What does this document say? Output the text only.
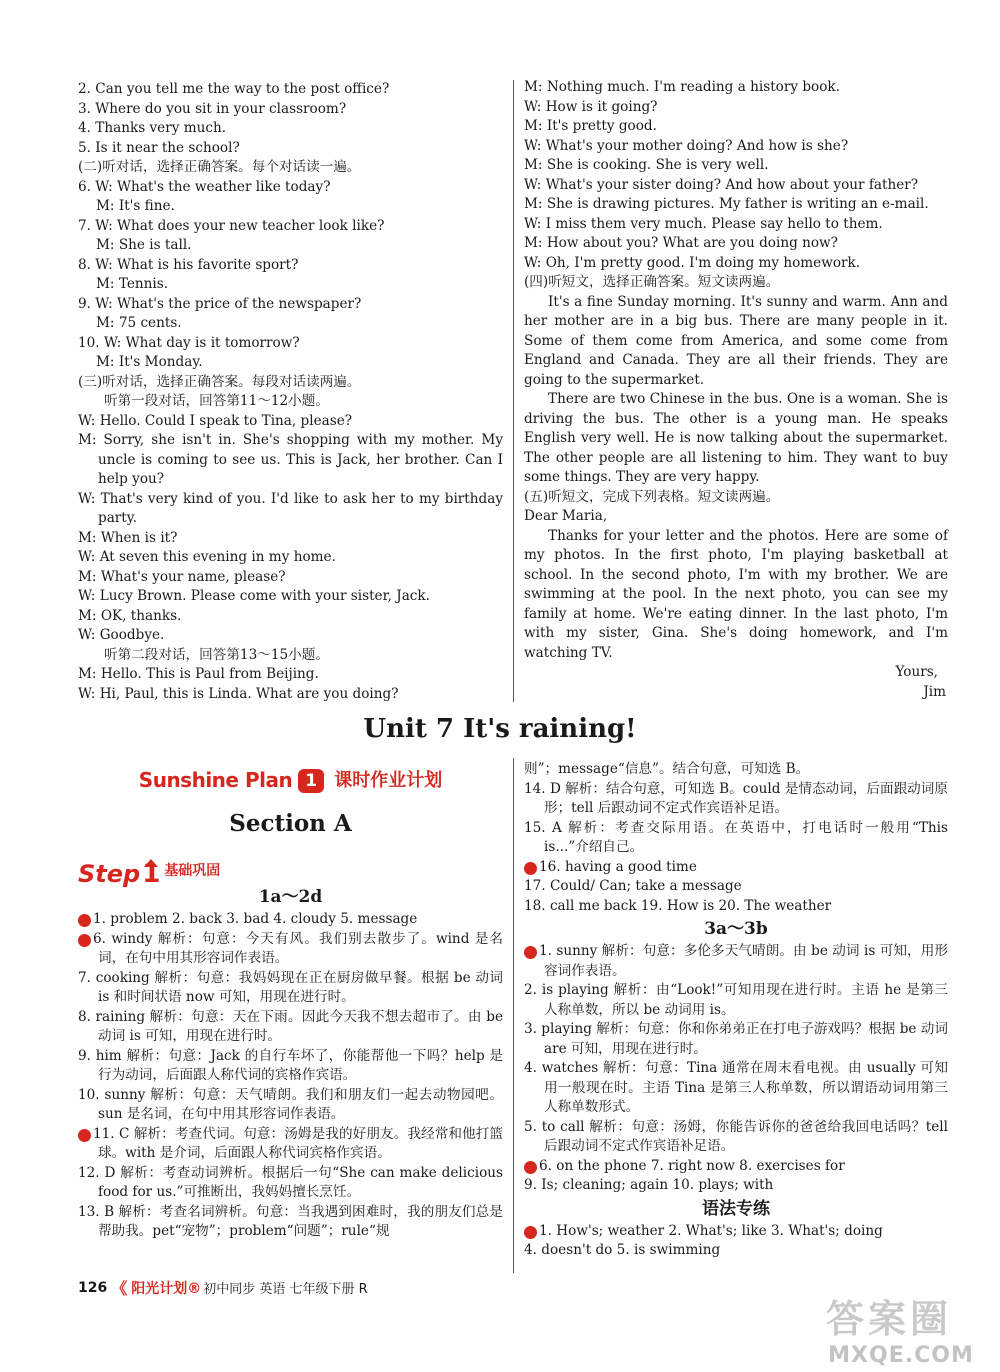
2. Can you tell me the way to the post office?
3. Where do you sit in your classroom?
4. Thanks very much.
5. Is it near the school?
(二)听对话，选择正确答案。每个对话读一遍。
6. W: What's the weather like today?
M: It's fine.
7. W: What does your new teacher look like?
M: She is tall.
8. W: What is his favorite sport?
M: Tennis.
9. W: What's the price of the newspaper?
M: 75 cents.
10. W: What day is it tomorrow?
M: It's Monday.
(三)听对话，选择正确答案。每段对话读两遍。
听第一段对话，回答第11～12小题。
W: Hello. Could I speak to Tina, please?
M: Sorry, she isn't in. She's shopping with my mother. My uncle is coming to see us. This is Jack, her brother. Can I help you?
W: That's very kind of you. I'd like to ask her to my birthday party.
M: When is it?
W: At seven this evening in my home.
M: What's your name, please?
W: Lucy Brown. Please come with your sister, Jack.
M: OK, thanks.
W: Goodbye.
听第二段对话，回答第13～15小题。
M: Hello. This is Paul from Beijing.
W: Hi, Paul, this is Linda. What are you doing?
M: Nothing much. I'm reading a history book.
W: How is it going?
M: It's pretty good.
W: What's your mother doing? And how is she?
M: She is cooking. She is very well.
W: What's your sister doing? And how about your father?
M: She is drawing pictures. My father is writing an e-mail.
W: I miss them very much. Please say hello to them.
M: How about you? What are you doing now?
W: Oh, I'm pretty good. I'm doing my homework.
(四)听短文，选择正确答案。短文读两遍。
It's a fine Sunday morning. It's sunny and warm. Ann and her mother are in a big bus. There are many people in it. Some of them come from America, and some come from England and Canada. They are all their friends. They are going to the supermarket.
There are two Chinese in the bus. One is a woman. She is driving the bus. The other is a young man. He speaks English very well. He is now talking about the supermarket. The other people are all listening to him. They want to buy some things. They are very happy.
(五)听短文，完成下列表格。短文读两遍。
Dear Maria,
Thanks for your letter and the photos. Here are some of my photos. In the first photo, I'm playing basketball at school. In the second photo, I'm with my brother. We are swimming at the pool. In the next photo, you can see my family at home. We're eating dinner. In the last photo, I'm with my sister, Gina. She's doing homework, and I'm watching TV.
Yours,
Jim
Unit 7 It's raining!
Sunshine Plan 1 课时作业计划
Section A
Step 1 基础巩固
1a～2d
Ⅰ 1. problem 2. back 3. bad 4. cloudy 5. message
Ⅱ 6. windy 解析：句意：今天有风。我们别去散步了。wind 是名词，在句中用其形容词作表语。
7. cooking 解析：句意：我妈妈现在正在厨房做早餐。根据 be 动词 is 和时间状语 now 可知，用现在进行时。
8. raining 解析：句意：天在下雨。因此今天我不想去超市了。由 be 动词 is 可知，用现在进行时。
9. him 解析：句意：Jack 的自行车坏了，你能帮他一下吗？help 是行为动词，后面跟人称代词的宾格作宾语。
10. sunny 解析：句意：天气晴朗。我们和朋友们一起去动物园吧。sun 是名词，在句中用其形容词作表语。
Ⅲ 11. C 解析：考查代词。句意：汤姆是我的好朋友。我经常和他打篮球。with 是介词，后面跟人称代词宾格作宾语。
12. D 解析：考查动词辨析。根据后一句“She can make delicious food for us.”可推断出，我妈妈擅长烹饪。
13. B 解析：考查名词辨析。句意：当我遇到困难时，我的朋友们总是帮助我。pet“宠物”；problem“问题”；rule“规
则”；message“信息”。结合句意，可知选 B。
14. D 解析：结合句意，可知选 B。could 是情态动词，后面跟动词原形；tell 后跟动词不定式作宾语补足语。
15. A 解析：考查交际用语。在英语中，打电话时一般用“This is...”介绍自己。
Ⅳ 16. having a good time
17. Could/ Can; take a message
18. call me back 19. How is 20. The weather
3a～3b
Ⅰ 1. sunny 解析：句意：多伦多天气晴朗。由 be 动词 is 可知，用形容词作表语。
2. is playing 解析：由“Look!”可知用现在进行时。主语 he 是第三人称单数，所以 be 动词用 is。
3. playing 解析：句意：你和你弟弟正在打电子游戏吗？根据 be 动词 are 可知，用现在进行时。
4. watches 解析：句意：Tina 通常在周末看电视。由 usually 可知用一般现在时。主语 Tina 是第三人称单数，所以谓语动词用第三人称单数形式。
5. to call 解析：句意：汤姆，你能告诉你的爸爸给我回电话吗？tell 后跟动词不定式作宾语补足语。
Ⅱ 6. on the phone 7. right now 8. exercises for
9. Is; cleaning; again 10. plays; with
语法专练
Ⅰ 1. How's; weather 2. What's; like 3. What's; doing
4. doesn't do 5. is swimming
126 《 阳光计划® 初中同步 英语 七年级下册 R
答案圈
MXQE.COM
